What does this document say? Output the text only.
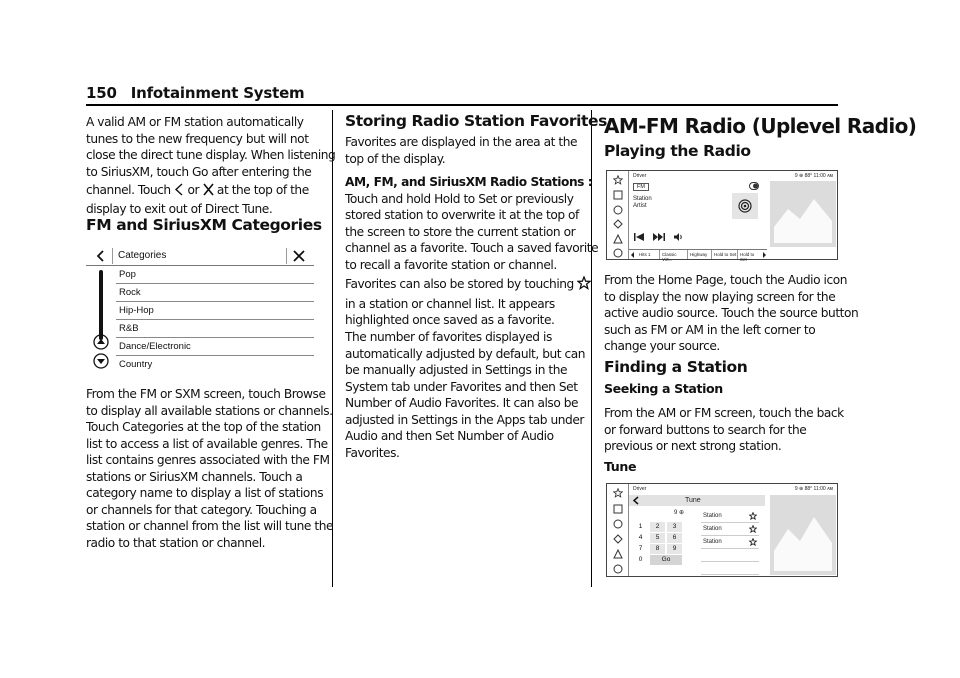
150 Infotainment System
A valid AM or FM station automatically
tunes to the new frequency but will not
close the direct tune display. When listening
to SiriusXM, touch Go after entering the
channel. Touch  or  at the top of the
display to exit out of Direct Tune.
FM and SiriusXM Categories
Categories
Pop
Rock
Hip-Hop
R&B
Dance/Electronic
Country
From the FM or SXM screen, touch Browse
to display all available stations or channels.
Touch Categories at the top of the station
list to access a list of available genres. The
list contains genres associated with the FM
stations or SiriusXM channels. Touch a
category name to display a list of stations
or channels for that category. Touching a
station or channel from the list will tune the
radio to that station or channel.
Storing Radio Station Favorites
Favorites are displayed in the area at the
top of the display.
AM, FM, and SiriusXM Radio Stations :
Touch and hold Hold to Set or previously
stored station to overwrite it at the top of
the screen to store the current station or
channel as a favorite. Touch a saved favorite
to recall a favorite station or channel.
Favorites can also be stored by touching
in a station or channel list. It appears
highlighted once saved as a favorite.
The number of favorites displayed is
automatically adjusted by default, but can
be manually adjusted in Settings in the
System tab under Favorites and then Set
Number of Audio Favorites. It can also be
adjusted in Settings in the Apps tab under
Audio and then Set Number of Audio
Favorites.
AM-FM Radio (Uplevel Radio)
Playing the Radio
Driver	9 ⊕ 88° 11:00 ᴀᴍ
FM
Station
Artist
Hits 1	Classic Virt...
Highway	Hold to Set Hold to Set
From the Home Page, touch the Audio icon
to display the now playing screen for the
active audio source. Touch the source button
such as FM or AM in the left corner to
change your source.
Finding a Station
Seeking a Station
From the AM or FM screen, touch the back
or forward buttons to search for the
previous or next strong station.
Tune
Driver	9 ⊕ 88° 11:00 ᴀᴍ
Tune
9 ⊕
1	2	3
4	5	6
7	8	9
0	Go
Station
Station
Station
